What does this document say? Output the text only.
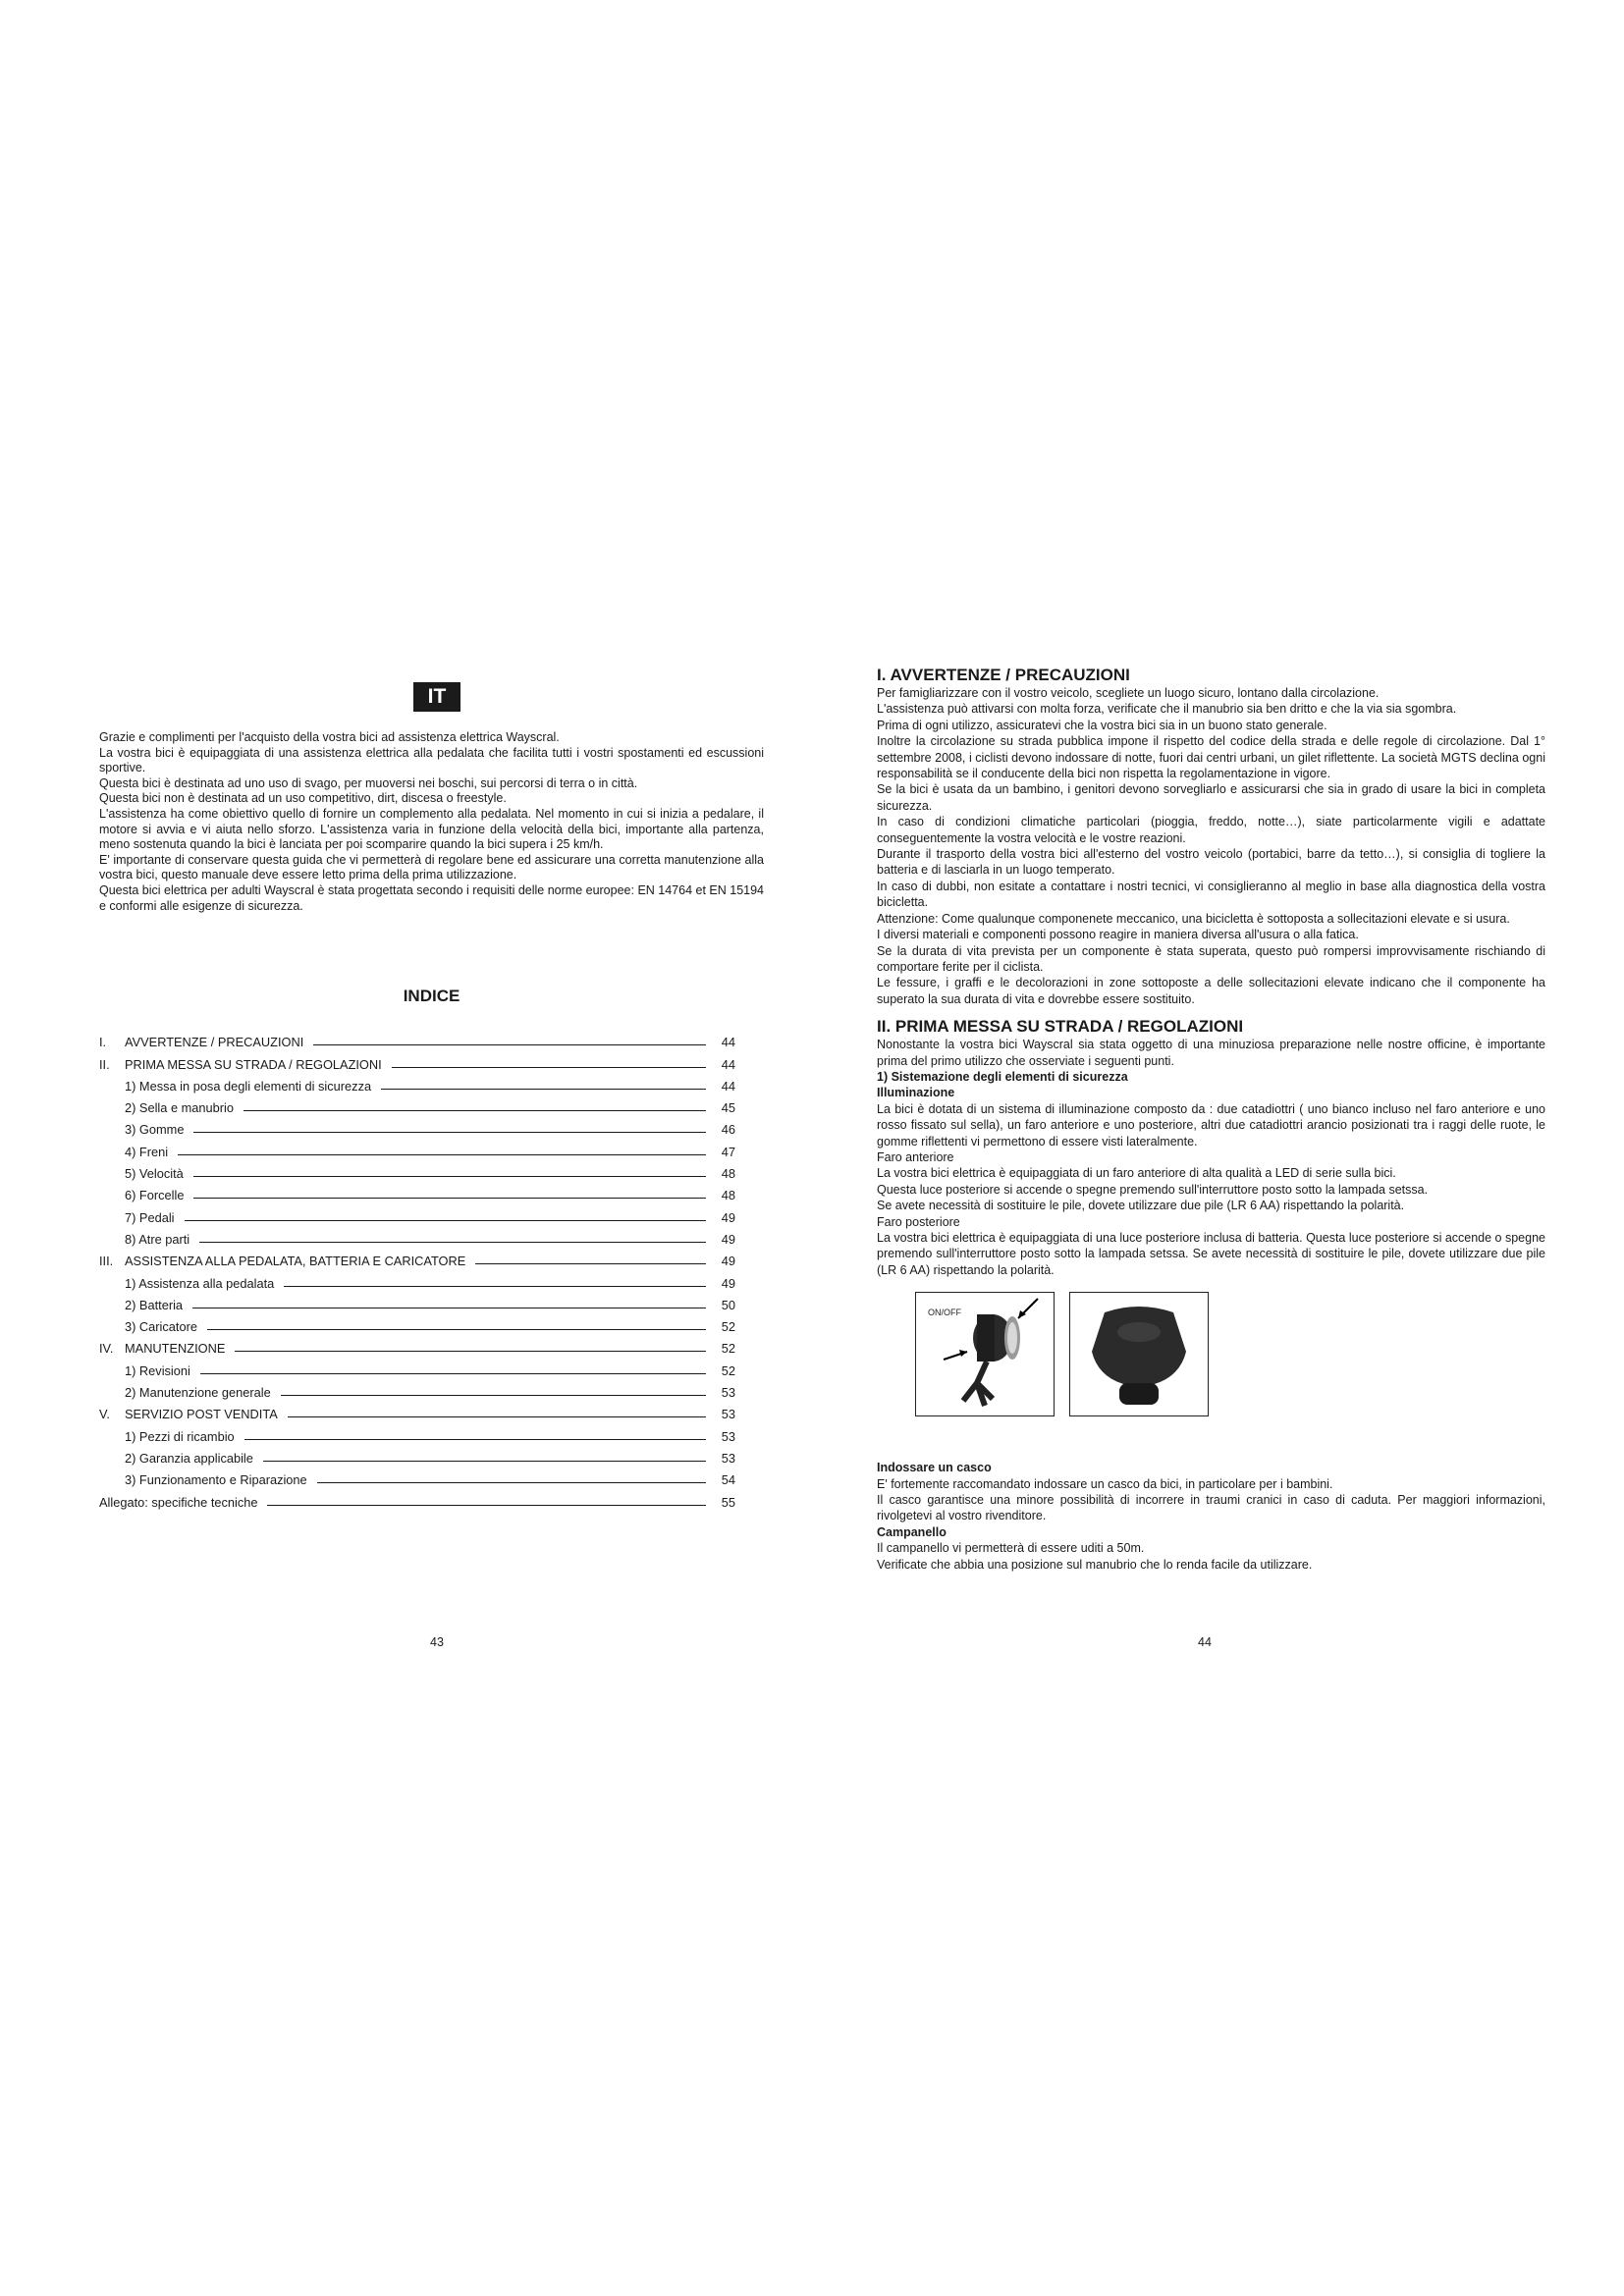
IT

Grazie e complimenti per l'acquisto della vostra bici ad assistenza elettrica Wayscral.

La vostra bici è equipaggiata di una assistenza elettrica alla pedalata che facilita tutti i vostri spostamenti ed escussioni sportive.

Questa bici è destinata ad uno uso di svago, per muoversi nei boschi, sui percorsi di terra o in città.

Questa bici non è destinata ad un uso competitivo, dirt, discesa o freestyle.

L'assistenza ha come obiettivo quello di fornire un complemento alla pedalata. Nel momento in cui si inizia a pedalare, il motore si avvia e vi aiuta nello sforzo. L'assistenza varia in funzione della velocità della bici, importante alla partenza, meno sostenuta quando la bici è lanciata per poi scomparire quando la bici supera i 25 km/h.

E' importante di conservare questa guida che vi permetterà di regolare bene ed assicurare una corretta manutenzione alla vostra bici, questo manuale deve essere letto prima della prima utilizzazione.

Questa bici elettrica per adulti Wayscral è stata progettata secondo i requisiti delle norme europee: EN 14764 et EN 15194 e conformi alle esigenze di sicurezza.

INDICE
I. AVVERTENZE / PRECAUZIONI	44
II. PRIMA MESSA SU STRADA / REGOLAZIONI	44
1) Messa in posa degli elementi di sicurezza	44
2) Sella e manubrio	45
3) Gomme	46
4) Freni	47
5) Velocità	48
6) Forcelle	48
7) Pedali	49
8) Atre parti	49
III. ASSISTENZA ALLA PEDALATA, BATTERIA E CARICATORE	49
1) Assistenza alla pedalata	49
2) Batteria	50
3) Caricatore	52
IV. MANUTENZIONE	52
1) Revisioni	52
2) Manutenzione generale	53
V. SERVIZIO POST VENDITA	53
1) Pezzi di ricambio	53
2) Garanzia applicabile	53
3) Funzionamento e Riparazione	54
Allegato: specifiche tecniche	55
43
I. AVVERTENZE / PRECAUZIONI

Per famigliarizzare con il vostro veicolo, scegliete un luogo sicuro, lontano dalla circolazione.

L'assistenza può attivarsi con molta forza, verificate che il manubrio sia ben dritto e che la via sia sgombra.

Prima di ogni utilizzo, assicuratevi che la vostra bici sia in un buono stato generale.

Inoltre la circolazione su strada pubblica impone il rispetto del codice della strada e delle regole di circolazione. Dal 1° settembre 2008, i ciclisti devono indossare di notte, fuori dai centri urbani, un gilet riflettente. La società MGTS declina ogni responsabilità se il conducente della bici non rispetta la regolamentazione in vigore.

Se la bici è usata da un bambino, i genitori devono sorvegliarlo e assicurarsi che sia in grado di usare la bici in completa sicurezza.

In caso di condizioni climatiche particolari (pioggia, freddo, notte…), siate particolarmente vigili e adattate conseguentemente la vostra velocità e le vostre reazioni.

Durante il trasporto della vostra bici all'esterno del vostro veicolo (portabici, barre da tetto…), si consiglia di togliere la batteria e di lasciarla in un luogo temperato.

In caso di dubbi, non esitate a contattare i nostri tecnici, vi consiglieranno al meglio in base alla diagnostica della vostra bicicletta.

Attenzione: Come qualunque componenete meccanico, una bicicletta è sottoposta a sollecitazioni elevate e si usura.

I diversi materiali e componenti possono reagire in maniera diversa all'usura o alla fatica.

Se la durata di vita prevista per un componente è stata superata, questo può rompersi improvvisamente rischiando di comportare ferite per il ciclista.

Le fessure, i graffi e le decolorazioni in zone sottoposte a delle sollecitazioni elevate indicano che il componente ha superato la sua durata di vita e dovrebbe essere sostituito.

II. PRIMA MESSA SU STRADA / REGOLAZIONI

Nonostante la vostra bici Wayscral sia stata oggetto di una minuziosa preparazione nelle nostre officine, è importante prima del primo utilizzo che osserviate i seguenti punti.

1) Sistemazione degli elementi di sicurezza

Illuminazione

La bici è dotata di un sistema di illuminazione composto da : due catadiottri ( uno bianco incluso nel faro anteriore e uno rosso fissato sul sella), un faro anteriore e uno posteriore, altri due catadiottri arancio posizionati tra i raggi delle ruote, le gomme riflettenti vi permettono di essere visti lateralmente.

Faro anteriore

La vostra bici elettrica è equipaggiata di un faro anteriore di alta qualità a LED di serie sulla bici.

Questa luce posteriore si accende o spegne premendo sull'interruttore posto sotto la lampada setssa.

Se avete necessità di sostituire le pile, dovete utilizzare due pile (LR 6 AA) rispettando la polarità.

Faro posteriore

La vostra bici elettrica è equipaggiata di una luce posteriore inclusa di batteria. Questa luce posteriore si accende o spegne premendo sull'interruttore posto sotto la lampada setssa. Se avete necessità di sostituire le pile, dovete utilizzare due pile (LR 6 AA) rispettando la polarità.

ON/OFF

Indossare un casco

E' fortemente raccomandato indossare un casco da bici, in particolare per i bambini.

Il casco garantisce una minore possibilità di incorrere in traumi cranici in caso di caduta. Per maggiori informazioni, rivolgetevi al vostro rivenditore.

Campanello

Il campanello vi permetterà di essere uditi a 50m.

Verificate che abbia una posizione sul manubrio che lo renda facile da utilizzare.

44
